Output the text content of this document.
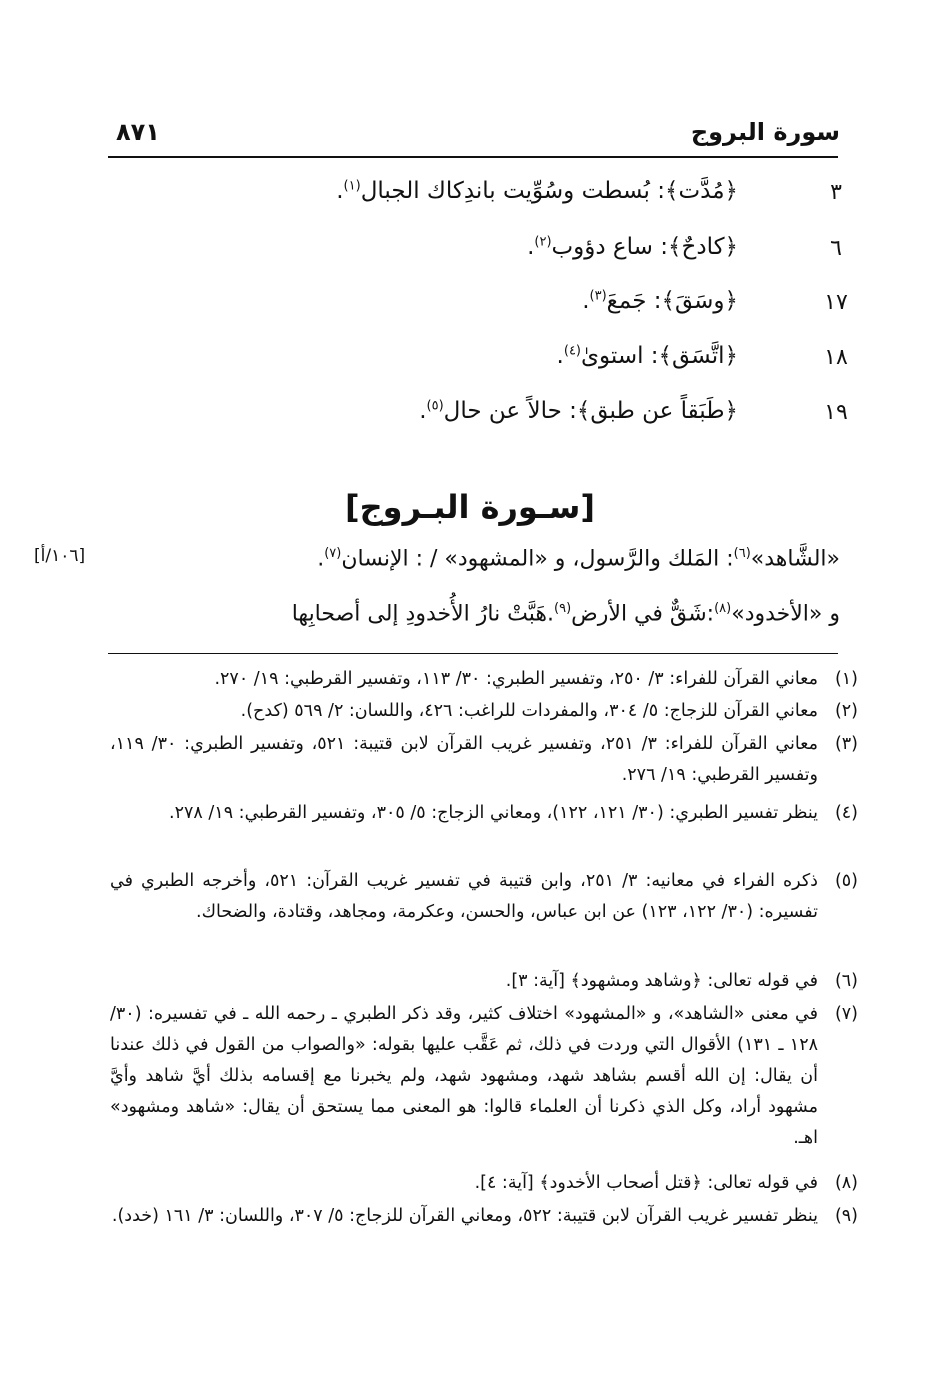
سورة البروج
٨٧١
٣
﴿مُدَّت﴾: بُسطت وسُوِّيت باندِكاك الجبال$^{(١)}$.
٦
﴿كادحٌ﴾: ساع دؤوب$^{(٢)}$.
١٧
﴿وسَقَ﴾: جَمعَ$^{(٣)}$.
١٨
﴿اتَّسَق﴾: استوىٰ$^{(٤)}$.
١٩
﴿طَبَقاً عن طبق﴾: حالاً عن حال$^{(٥)}$.
[سـورة البـروج]
[١٠٦/أ]	«الشَّاهد»$^{(٦)}$: المَلك والرَّسول، و «المشهود» / : الإنسان$^{(٧)}$.
و «الأخدود»$^{(٨)}$:شَقٌّ في الأرض$^{(٩)}$.هَبَّتْ نارُ الأُخدودِ إلى أصحابِها
(١)
معاني القرآن للفراء: ٣/ ٢٥٠، وتفسير الطبري: ٣٠/ ١١٣، وتفسير القرطبي: ١٩/ ٢٧٠.
(٢)
معاني القرآن للزجاج: ٥/ ٣٠٤، والمفردات للراغب: ٤٢٦، واللسان: ٢/ ٥٦٩ (كدح).
(٣)
معاني القرآن للفراء: ٣/ ٢٥١، وتفسير غريب القرآن لابن قتيبة: ٥٢١، وتفسير الطبري: ٣٠/ ١١٩، وتفسير القرطبي: ١٩/ ٢٧٦.
(٤)
ينظر تفسير الطبري: (٣٠/ ١٢١، ١٢٢)، ومعاني الزجاج: ٥/ ٣٠٥، وتفسير القرطبي: ١٩/ ٢٧٨.
(٥)
ذكره الفراء في معانيه: ٣/ ٢٥١، وابن قتيبة في تفسير غريب القرآن: ٥٢١، وأخرجه الطبري في تفسيره: (٣٠/ ١٢٢، ١٢٣) عن ابن عباس، والحسن، وعكرمة، ومجاهد، وقتادة، والضحاك.
(٦)
في قوله تعالى: ﴿وشاهد ومشهود﴾ [آية: ٣].
(٧)
في معنى «الشاهد»، و «المشهود» اختلاف كثير، وقد ذكر الطبري ـ رحمه الله ـ في تفسيره: (٣٠/ ١٢٨ ـ ١٣١) الأقوال التي وردت في ذلك، ثم عَقَّب عليها بقوله: «والصواب من القول في ذلك عندنا أن يقال: إن الله أقسم بشاهد شهد، ومشهود شهد، ولم يخبرنا مع إقسامه بذلك أيَّ شاهد وأيَّ مشهود أراد، وكل الذي ذكرنا أن العلماء قالوا: هو المعنى مما يستحق أن يقال: «شاهد ومشهود» اهـ.
(٨)
في قوله تعالى: ﴿قتل أصحاب الأخدود﴾ [آية: ٤].
(٩)
ينظر تفسير غريب القرآن لابن قتيبة: ٥٢٢، ومعاني القرآن للزجاج: ٥/ ٣٠٧، واللسان: ٣/ ١٦١ (خدد).
